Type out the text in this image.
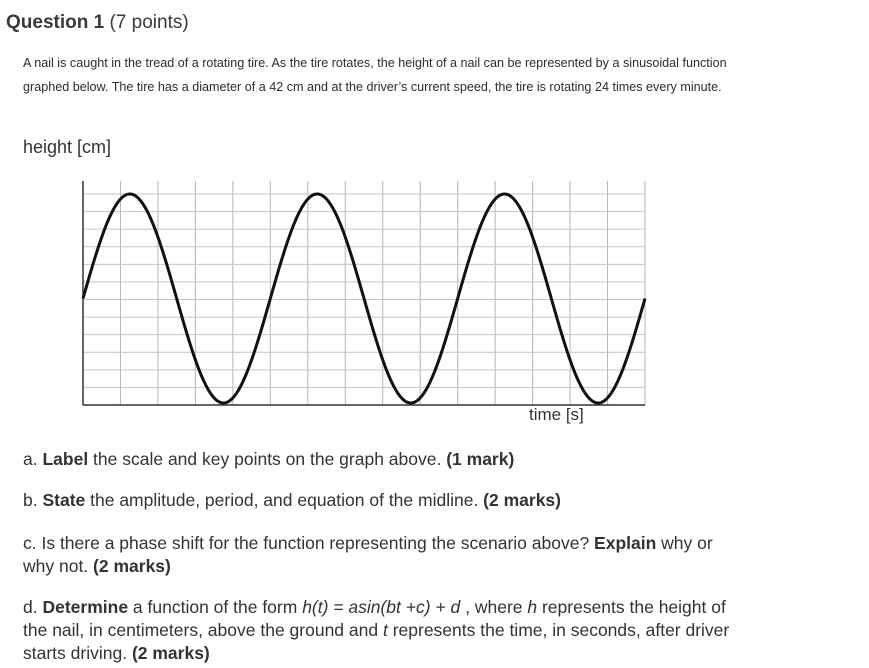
Question 1 (7 points)
A nail is caught in the tread of a rotating tire. As the tire rotates, the height of a nail can be represented by a sinusoidal function graphed below. The tire has a diameter of a 42 cm and at the driver’s current speed, the tire is rotating 24 times every minute.
height [cm]
time [s]
a. Label the scale and key points on the graph above. (1 mark)
b. State the amplitude, period, and equation of the midline. (2 marks)
c. Is there a phase shift for the function representing the scenario above? Explain why or why not. (2 marks)
d. Determine a function of the form h(t) = asin(bt +c) + d , where h represents the height of the nail, in centimeters, above the ground and t represents the time, in seconds, after driver starts driving. (2 marks)
